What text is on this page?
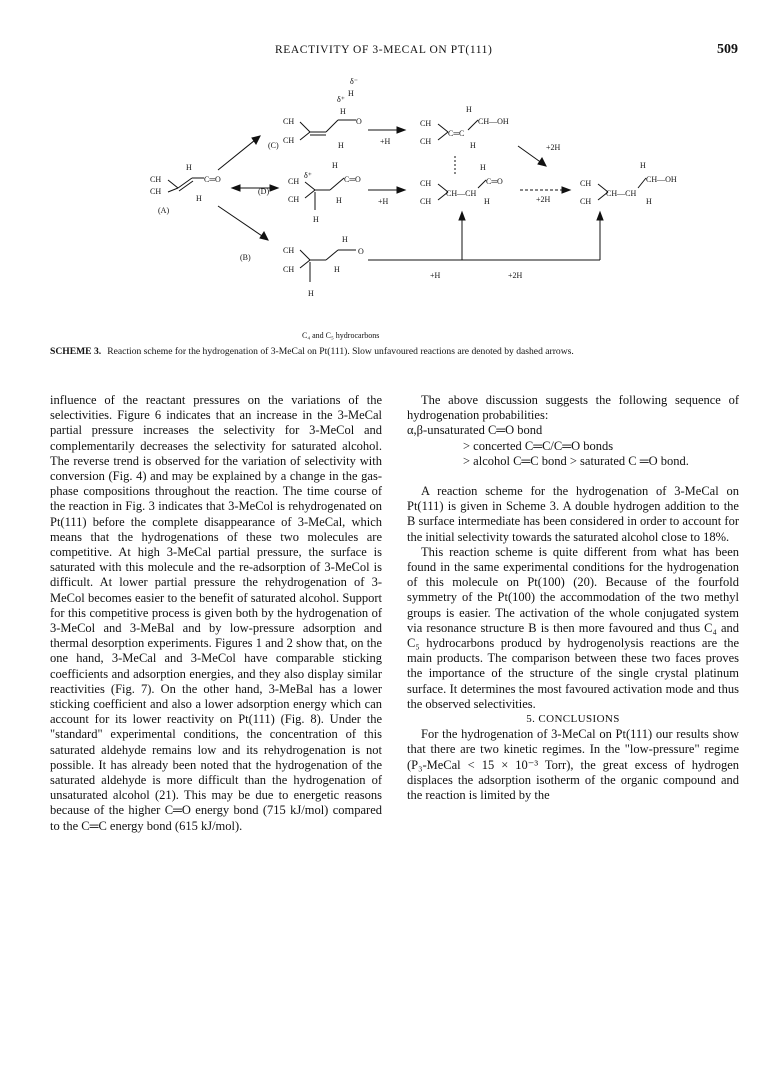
REACTIVITY OF 3-MECAL ON PT(111)	509
CH
CH
H
C═O
H
(A)
CH
CH
H
δ⁺
H
δ⁻
O
H
(C)
CH
CH
C═O
H
δ⁺
H
H
(D)
CH
CH
H
O
H
H
(B)
+H
CH
CH
C═C
H
CH—OH
H	+2H
+H
CH
CH
CH—CH
H
C═O
H	+2H
CH
CH
CH—CH
H
CH—OH
H
+H	+2H
C₄ and C₅ hydrocarbons
SCHEME 3. Reaction scheme for the hydrogenation of 3-MeCal on Pt(111). Slow unfavoured reactions are denoted by dashed arrows.

influence of the reactant pressures on the variations of the selectivities. Figure 6 indicates that an increase in the 3-MeCal partial pressure increases the selectivity for 3-MeCol and complementarily decreases the selectivity for saturated alcohol. The reverse trend is observed for the variation of selectivity with conversion (Fig. 4) and may be explained by a change in the gas-phase compositions throughout the reaction. The time course of the reaction in Fig. 3 indicates that 3-MeCol is rehydrogenated on Pt(111) before the complete disappearance of 3-MeCal, which means that the hydrogenations of these two molecules are competitive. At high 3-MeCal partial pressure, the surface is saturated with this molecule and the re-adsorption of 3-MeCol is difficult. At lower partial pressure the rehydrogenation of 3-MeCol becomes easier to the benefit of saturated alcohol. Support for this competitive process is given both by the hydrogenation of 3-MeCol and 3-MeBal and by low-pressure adsorption and thermal desorption experiments. Figures 1 and 2 show that, on the one hand, 3-MeCal and 3-MeCol have comparable sticking coefficients and adsorption energies, and they also display similar reactivities (Fig. 7). On the other hand, 3-MeBal has a lower sticking coefficient and also a lower adsorption energy which can account for its lower reactivity on Pt(111) (Fig. 8). Under the "standard" experimental conditions, the concentration of this saturated aldehyde remains low and its rehydrogenation is not possible. It has already been noted that the hydrogenation of the saturated aldehyde is more difficult than the hydrogenation of unsaturated alcohol (21). This may be due to energetic reasons because of the higher C═O energy bond (715 kJ/mol) compared to the C═C energy bond (615 kJ/mol).

The above discussion suggests the following sequence of hydrogenation probabilities:

α,β-unsaturated C═O bond

> concerted C═C/C═O bonds

> alcohol C═C bond > saturated C ═O bond.

A reaction scheme for the hydrogenation of 3-MeCal on Pt(111) is given in Scheme 3. A double hydrogen addition to the B surface intermediate has been considered in order to account for the initial selectivity towards the saturated alcohol close to 18%.

This reaction scheme is quite different from what has been found in the same experimental conditions for the hydrogenation of this molecule on Pt(100) (20). Because of the fourfold symmetry of the Pt(100) the accommodation of the two methyl groups is easier. The activation of the whole conjugated system via resonance structure B is then more favoured and thus C₄ and C₅ hydrocarbons producd by hydrogenolysis reactions are the main products. The comparison between these two faces proves the importance of the structure of the single crystal platinum surface. It determines the most favoured activation mode and thus the observed selectivities.

5. CONCLUSIONS

For the hydrogenation of 3-MeCal on Pt(111) our results show that there are two kinetic regimes. In the "low-pressure" regime (P₃-MeCal < 15 × 10⁻³ Torr), the great excess of hydrogen displaces the adsorption isotherm of the organic compound and the reaction is limited by the
